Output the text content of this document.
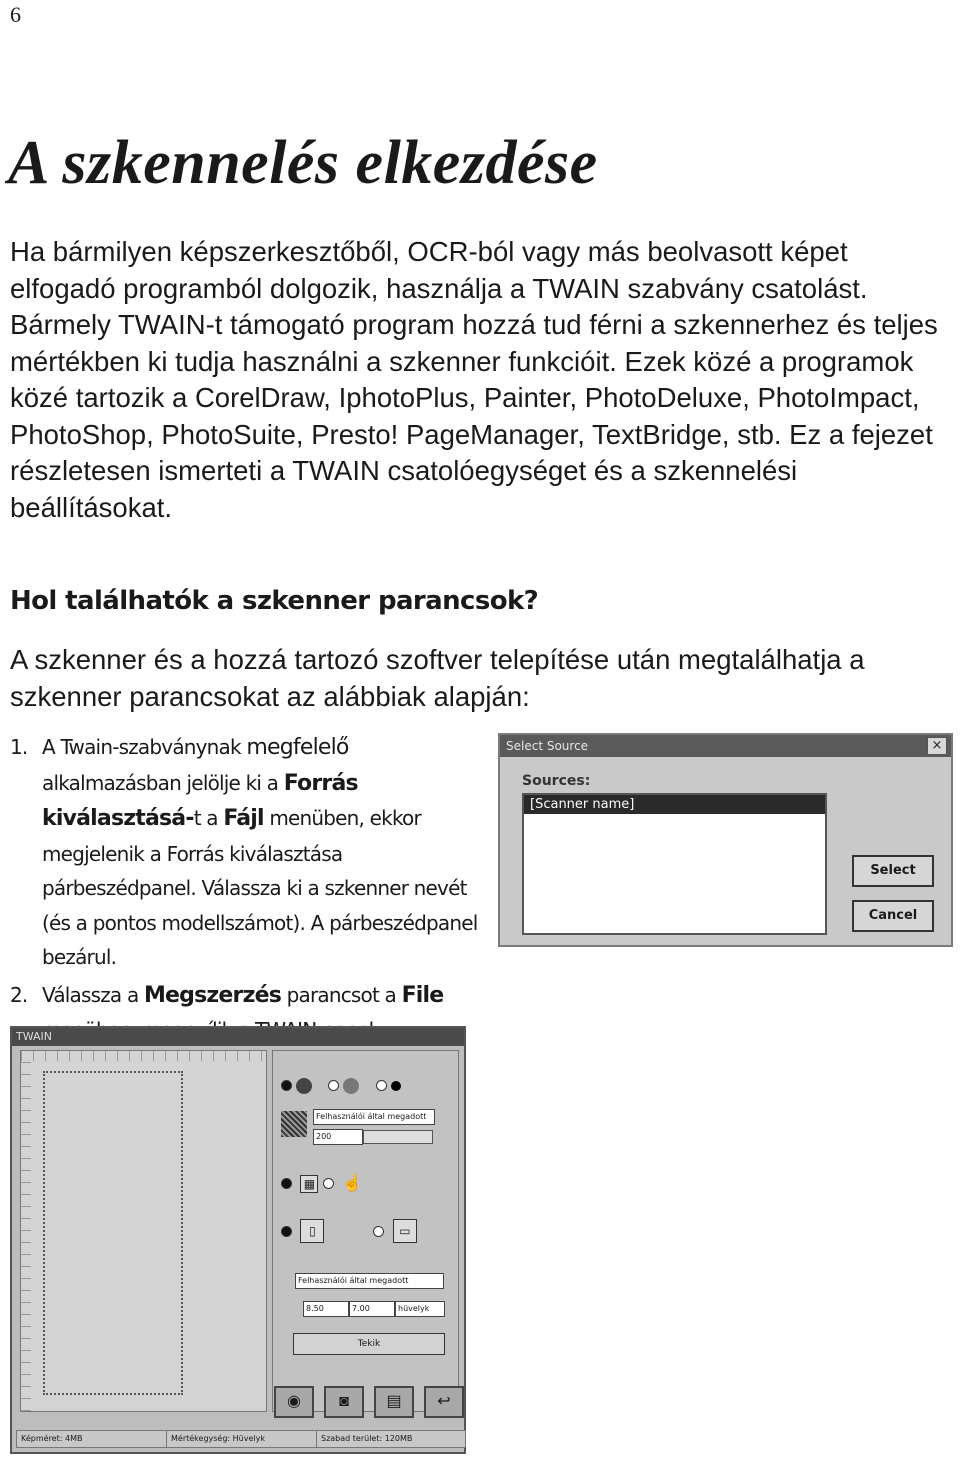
6
A szkennelés elkezdése

Ha bármilyen képszerkesztőből, OCR-ból vagy más beolvasott képet elfogadó programból dolgozik, használja a TWAIN szabvány csatolást. Bármely TWAIN-t támogató program hozzá tud férni a szkennerhez és teljes mértékben ki tudja használni a szkenner funkcióit. Ezek közé a programok közé tartozik a CorelDraw, IphotoPlus, Painter, PhotoDeluxe, PhotoImpact, PhotoShop, PhotoSuite, Presto! PageManager, TextBridge, stb. Ez a fejezet részletesen ismerteti a TWAIN csatolóegységet és a szkennelési beállításokat.

Hol találhatók a szkenner parancsok?

A szkenner és a hozzá tartozó szoftver telepítése után megtalálhatja a szkenner parancsokat az alábbiak alapján:

1. A Twain-szabványnak megfelelő alkalmazásban jelölje ki a Forrás kiválasztásá-t a Fájl menüben, ekkor megjelenik a Forrás kiválasztása párbeszédpanel. Válassza ki a szkenner nevét (és a pontos modellszámot). A párbeszédpanel bezárul.
2. Válassza a Megszerzés parancsot a File
Select Source	×
Sources:
[Scanner name]
Select
Cancel
TWAIN

Felhasználói által megadott
200
▦ ☝
▯	▭
Felhasználói által megadott
8.50	7.00	hüvelyk
Tekik
◉	◙	▤	↩
Képméret: 4MB	Mértékegység: Hüvelyk	Szabad terület: 120MB
